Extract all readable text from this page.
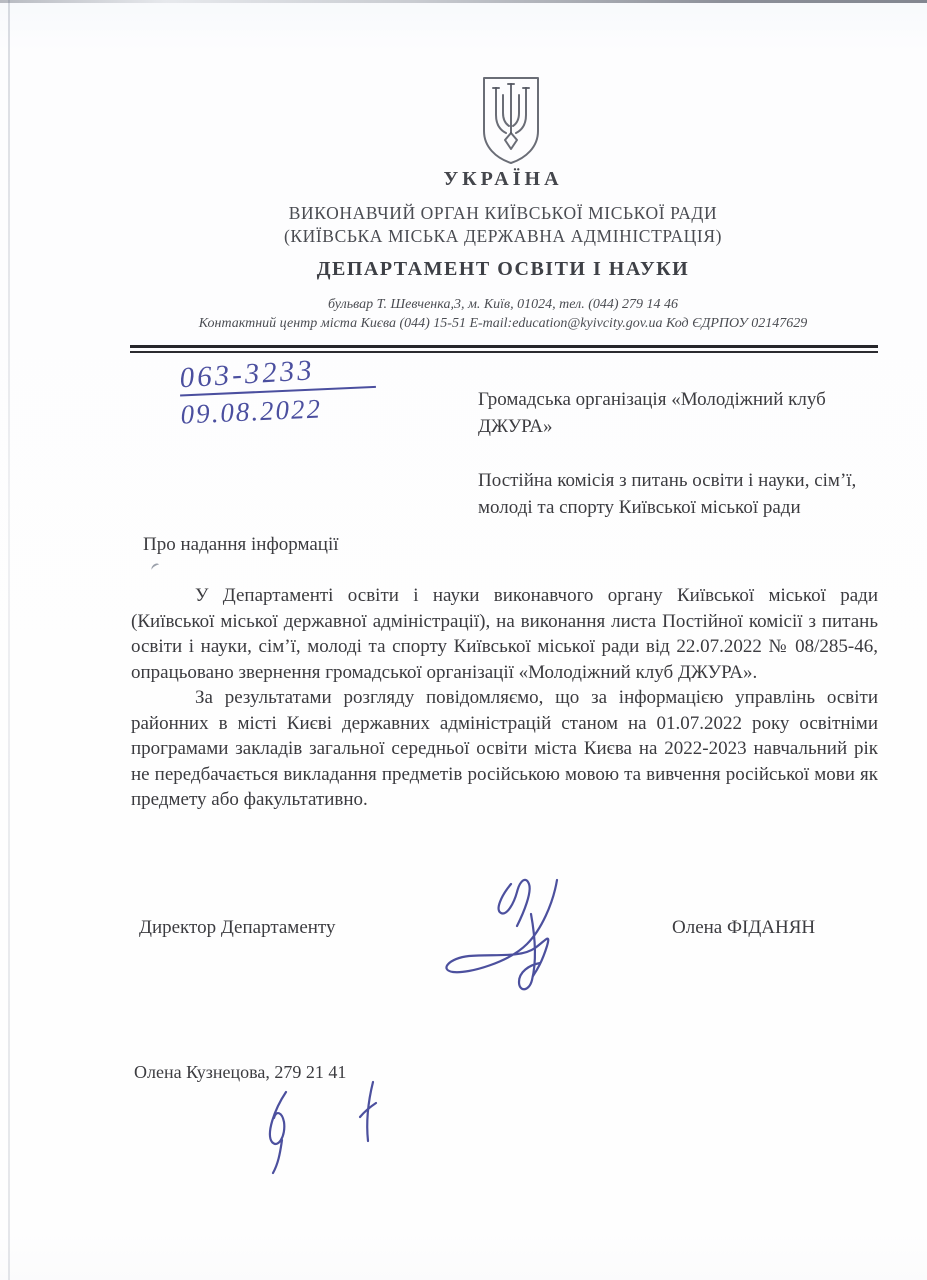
УКРАЇНА
ВИКОНАВЧИЙ ОРГАН КИЇВСЬКОЇ МІСЬКОЇ РАДИ
(КИЇВСЬКА МІСЬКА ДЕРЖАВНА АДМІНІСТРАЦІЯ)
ДЕПАРТАМЕНТ ОСВІТИ І НАУКИ
бульвар Т. Шевченка,3, м. Київ, 01024, тел. (044) 279 14 46
Контактний центр міста Києва (044) 15-51 E-mail:education@kyivcity.gov.ua Код ЄДРПОУ 02147629
063-3233
09.08.2022	Громадська організація «Молодіжний клуб ДЖУРА»

Постійна комісія з питань освіти і науки, сім’ї, молоді та спорту Київської міської ради

Про надання інформації

У Департаменті освіти і науки виконавчого органу Київської міської ради (Київської міської державної адміністрації), на виконання листа Постійної комісії з питань освіти і науки, сім’ї, молоді та спорту Київської міської ради від 22.07.2022 № 08/285-46, опрацьовано звернення громадської організації «Молодіжний клуб ДЖУРА».

За результатами розгляду повідомляємо, що за інформацією управлінь освіти районних в місті Києві державних адміністрацій станом на 01.07.2022 року освітніми програмами закладів загальної середньої освіти міста Києва на 2022-2023 навчальний рік не передбачається викладання предметів російською мовою та вивчення російської мови як предмету або факультативно.

Директор Департаменту	Олена ФІДАНЯН
Олена Кузнецова, 279 21 41
